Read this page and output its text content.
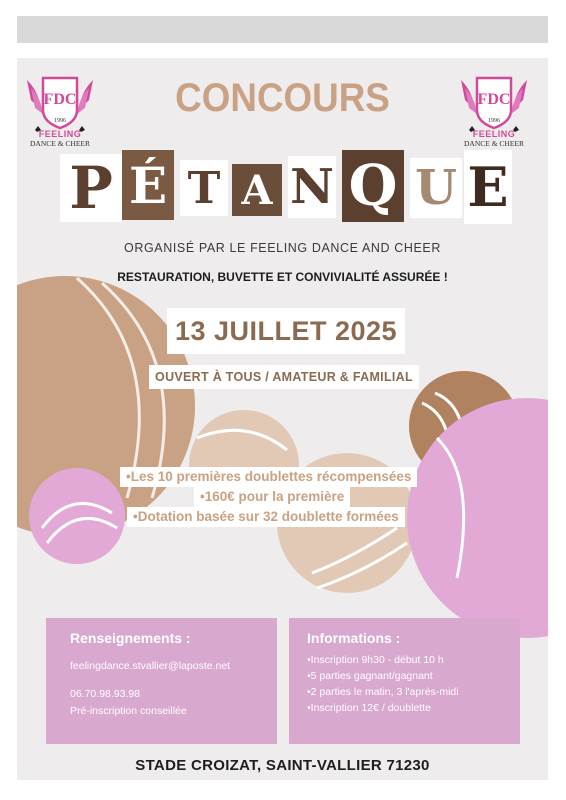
FDC
1996
FEELING
DANCE & CHEER
FDC
1996
FEELING
DANCE & CHEER
CONCOURS
P É T A N Q U E
ORGANISÉ PAR LE FEELING DANCE AND CHEER
RESTAURATION, BUVETTE ET CONVIVIALITÉ ASSURÉE !
13 JUILLET 2025
OUVERT À TOUS / AMATEUR & FAMILIAL
•Les 10 premières doublettes récompensées
•160€ pour la première
•Dotation basée sur 32 doublette formées
Renseignements :
feelingdance.stvallier@laposte.net
06.70.98.93.98
Pré-inscription conseillée
Informations :
•Inscription 9h30 - début 10 h
•5 parties gagnant/gagnant
•2 parties le matin, 3 l'après-midi
•Inscription 12€ / doublette
STADE CROIZAT, SAINT-VALLIER 71230
